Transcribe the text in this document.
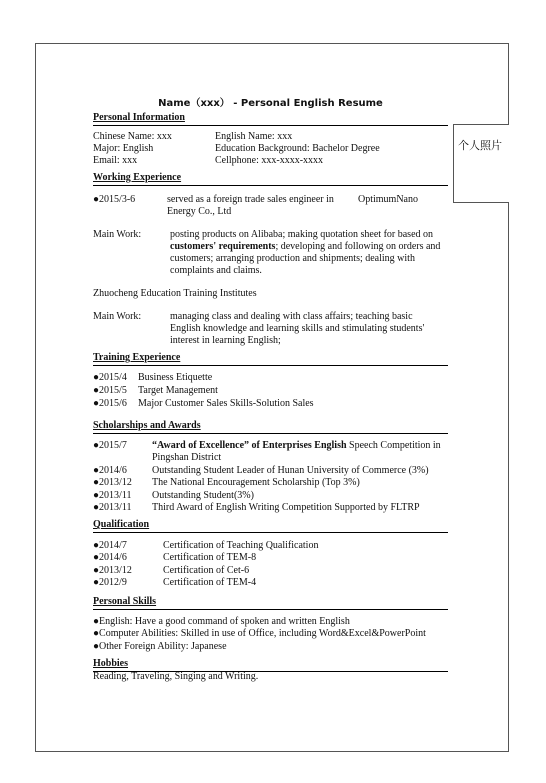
个人照片
Name（xxx） - Personal English Resume
Personal Information
Chinese Name: xxx	English Name: xxx
Major: English	Education Background: Bachelor Degree
Email: xxx	Cellphone: xxx-xxxx-xxxx
Working Experience
●2015/3-6	served as a foreign trade sales engineer in OptimumNano
Energy Co., Ltd
Main Work:	posting products on Alibaba; making quotation sheet for based on
customers' requirements; developing and following on orders and
customers; arranging production and shipments; dealing with
complaints and claims.
Zhuocheng Education Training Institutes
Main Work:	managing class and dealing with class affairs; teaching basic
English knowledge and learning skills and stimulating students'
interest in learning English;
Training Experience
●2015/4 Business Etiquette
●2015/5 Target Management
●2015/6 Major Customer Sales Skills-Solution Sales
Scholarships and Awards
●2015/7	“Award of Excellence” of Enterprises English Speech Competition in
Pingshan District
●2014/6	Outstanding Student Leader of Hunan University of Commerce (3%)
●2013/12 The National Encouragement Scholarship (Top 3%)
●2013/11 Outstanding Student(3%)
●2013/11 Third Award of English Writing Competition Supported by FLTRP
Qualification
●2014/7	Certification of Teaching Qualification
●2014/6	Certification of TEM-8
●2013/12	Certification of Cet-6
●2012/9	Certification of TEM-4
Personal Skills
●English: Have a good command of spoken and written English
●Computer Abilities: Skilled in use of Office, including Word&Excel&PowerPoint
●Other Foreign Ability: Japanese
Hobbies
Reading, Traveling, Singing and Writing.
